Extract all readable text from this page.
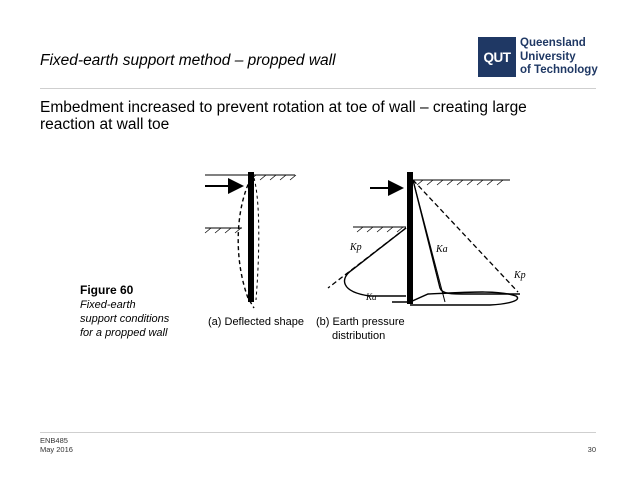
Fixed-earth support method – propped wall	QUT
Queensland
University
of Technology

Embedment increased to prevent rotation at toe of wall – creating large reaction at wall toe

Kp
Ka
Ka
Kp
Figure 60
Fixed-earth
support conditions
for a propped wall
(a) Deflected shape (b) Earth pressure
distribution
ENB485
May 2016	30
